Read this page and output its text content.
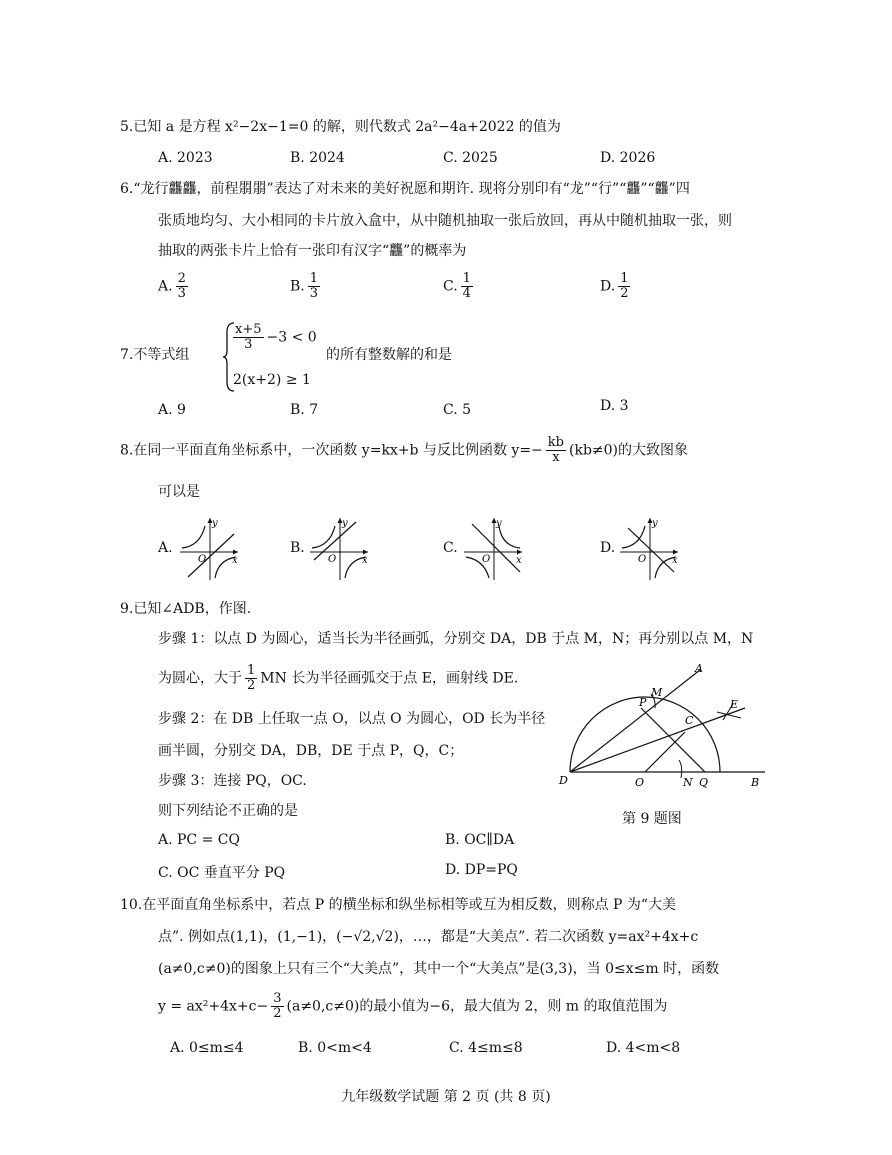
5.已知 a 是方程 x²−2x−1=0 的解，则代数式 2a²−4a+2022 的值为
A. 2023	B. 2024	C. 2025	D. 2026
6.“龙行龘龘，前程朤朤”表达了对未来的美好祝愿和期许. 现将分别印有“龙”“行”“龘”“龘”四
张质地均匀、大小相同的卡片放入盒中，从中随机抽取一张后放回，再从中随机抽取一张，则
抽取的两张卡片上恰有一张印有汉字“龘”的概率为
A. $\frac{2}{3}$	B. $\frac{1}{3}$	C. $\frac{1}{4}$	D. $\frac{1}{2}$
7.不等式组
$\frac{x+5}{3} -3 < 0$
2(x+2) ≥ 1
的所有整数解的和是
A. 9	B. 7	C. 5	D. 3
8.在同一平面直角坐标系中，一次函数 y=kx+b 与反比例函数 $y=- \frac{kb}{x} (kb\ne 0)$的大致图象
可以是
A.	B.	C.	D.
y
x
O
y
x
O
y
x
O
y
x
O
9.已知∠ADB，作图.
步骤 1：以点 D 为圆心，适当长为半径画弧，分别交 DA，DB 于点 M，N；再分别以点 M，N
为圆心，大于 $\frac{1}{2}$ MN 长为半径画弧交于点 E，画射线 DE.
步骤 2：在 DB 上任取一点 O，以点 O 为圆心，OD 长为半径
画半圆，分别交 DA，DB，DE 于点 P，Q，C；
步骤 3：连接 PQ，OC.
则下列结论不正确的是
A. PC = CQ	B. OC∥DA
C. OC 垂直平分 PQ	D. DP=PQ
A
P
M
C
E
D	O	N Q	B
第 9 题图
10.在平面直角坐标系中，若点 P 的横坐标和纵坐标相等或互为相反数，则称点 P 为“大美
点”. 例如点(1,1)，(1,−1)，(−√2,√2)，…，都是“大美点”. 若二次函数 y=ax²+4x+c
(a≠0,c≠0)的图象上只有三个“大美点”，其中一个“大美点”是(3,3)，当 0≤x≤m 时，函数
$y = ax^2+4x+c- \frac{3}{2} (a\ne 0,c\ne 0)$的最小值为−6，最大值为 2，则 m 的取值范围为
A. 0≤m≤4	B. 0<m<4	C. 4≤m≤8	D. 4<m<8
九年级数学试题 第 2 页 (共 8 页)
